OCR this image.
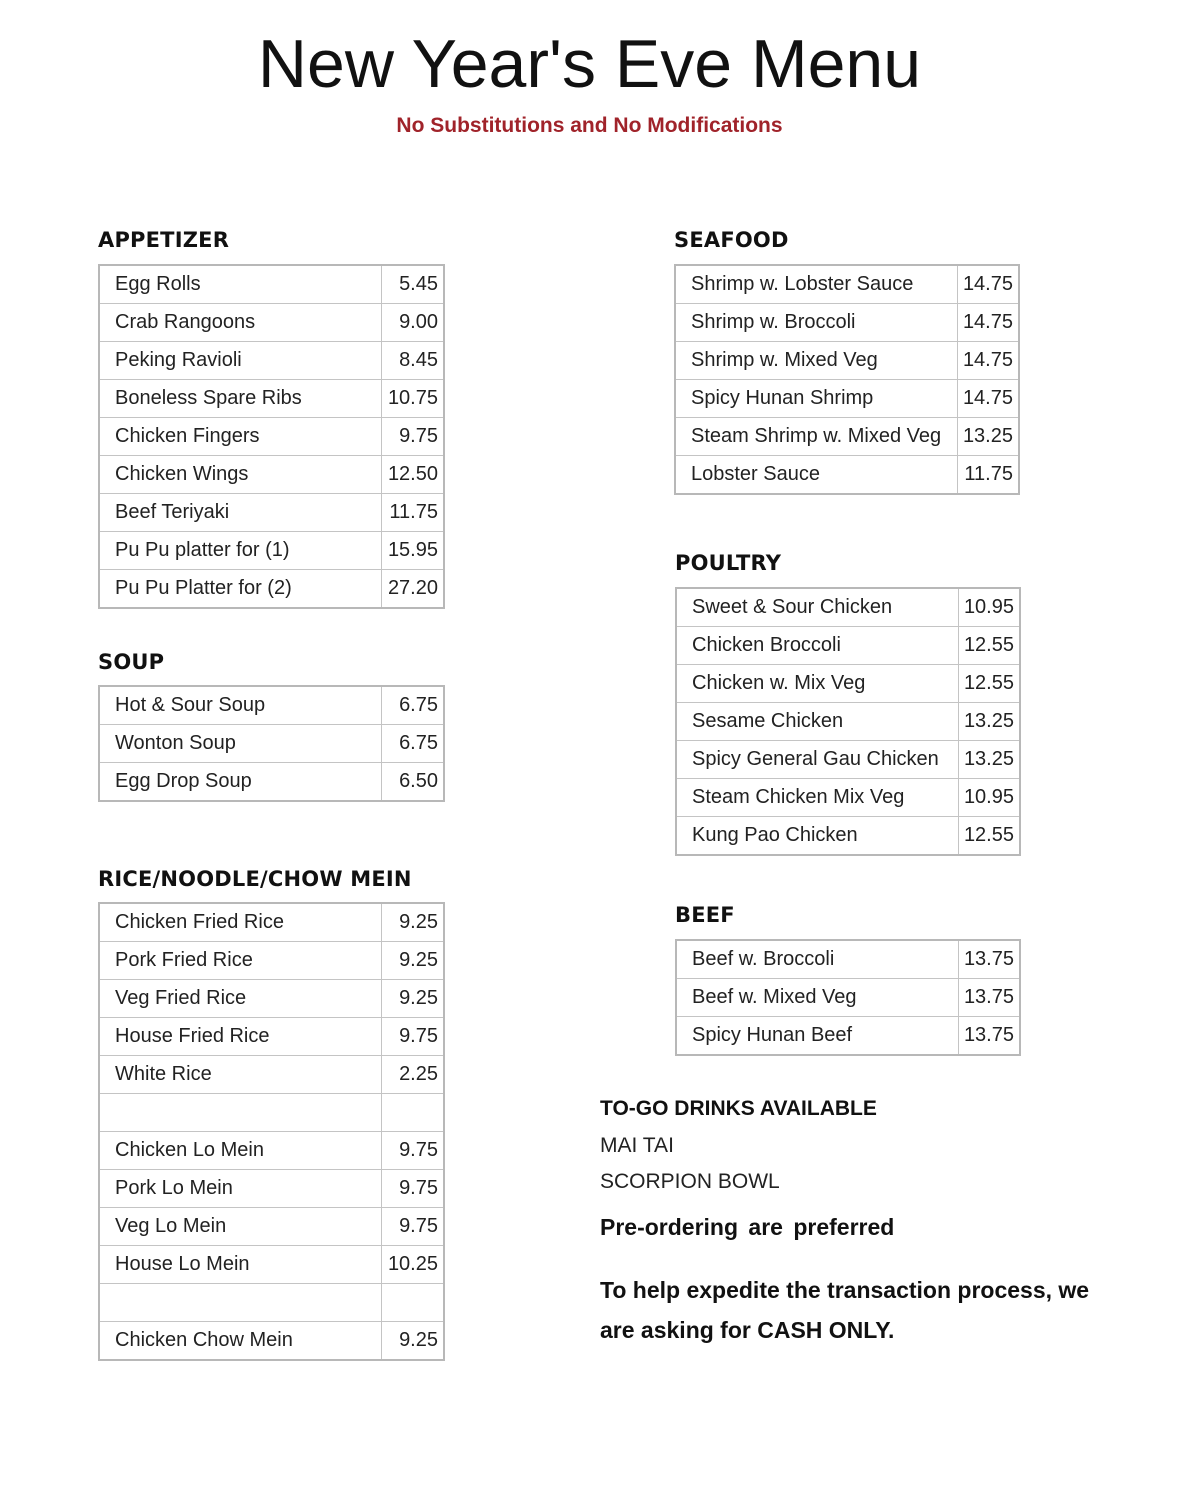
New Year's Eve Menu
No Substitutions and No Modifications
APPETIZER
Egg Rolls	5.45
Crab Rangoons	9.00
Peking Ravioli	8.45
Boneless Spare Ribs	10.75
Chicken Fingers	9.75
Chicken Wings	12.50
Beef Teriyaki	11.75
Pu Pu platter for (1)	15.95
Pu Pu Platter for (2)	27.20
SOUP
Hot & Sour Soup	6.75
Wonton Soup	6.75
Egg Drop Soup	6.50
RICE/NOODLE/CHOW MEIN
Chicken Fried Rice	9.25
Pork Fried Rice	9.25
Veg Fried Rice	9.25
House Fried Rice	9.75
White Rice	2.25

Chicken Lo Mein	9.75
Pork Lo Mein	9.75
Veg Lo Mein	9.75
House Lo Mein	10.25

Chicken Chow Mein	9.25
SEAFOOD
Shrimp w. Lobster Sauce	14.75
Shrimp w. Broccoli	14.75
Shrimp w. Mixed Veg	14.75
Spicy Hunan Shrimp	14.75
Steam Shrimp w. Mixed Veg	13.25
Lobster Sauce	11.75
POULTRY
Sweet & Sour Chicken	10.95
Chicken Broccoli	12.55
Chicken w. Mix Veg	12.55
Sesame Chicken	13.25
Spicy General Gau Chicken	13.25
Steam Chicken Mix Veg	10.95
Kung Pao Chicken	12.55
BEEF
Beef w. Broccoli	13.75
Beef w. Mixed Veg	13.75
Spicy Hunan Beef	13.75
TO-GO DRINKS AVAILABLE
MAI TAI
SCORPION BOWL
Pre-ordering are preferred
To help expedite the transaction process, we are asking for CASH ONLY.
